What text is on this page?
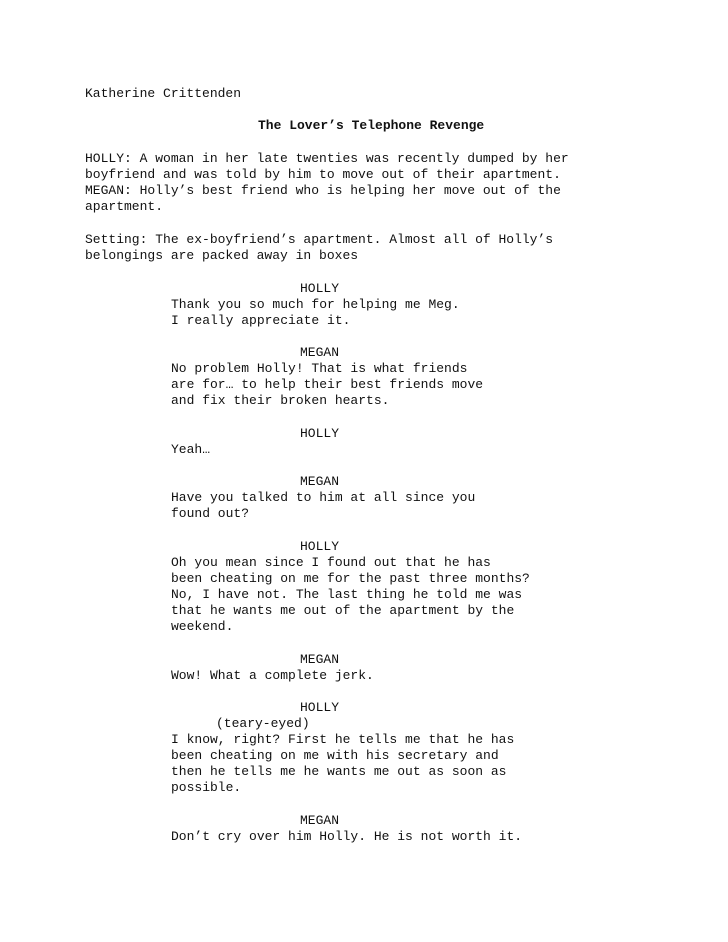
Katherine Crittenden
The Lover’s Telephone Revenge
HOLLY: A woman in her late twenties was recently dumped by her
boyfriend and was told by him to move out of their apartment.
MEGAN: Holly’s best friend who is helping her move out of the
apartment.
Setting: The ex-boyfriend’s apartment. Almost all of Holly’s
belongings are packed away in boxes
HOLLY
Thank you so much for helping me Meg.
I really appreciate it.
MEGAN
No problem Holly! That is what friends
are for… to help their best friends move
and fix their broken hearts.
HOLLY
Yeah…
MEGAN
Have you talked to him at all since you
found out?
HOLLY
Oh you mean since I found out that he has
been cheating on me for the past three months?
No, I have not. The last thing he told me was
that he wants me out of the apartment by the
weekend.
MEGAN
Wow! What a complete jerk.
HOLLY
(teary-eyed)
I know, right? First he tells me that he has
been cheating on me with his secretary and
then he tells me he wants me out as soon as
possible.
MEGAN
Don’t cry over him Holly. He is not worth it.
